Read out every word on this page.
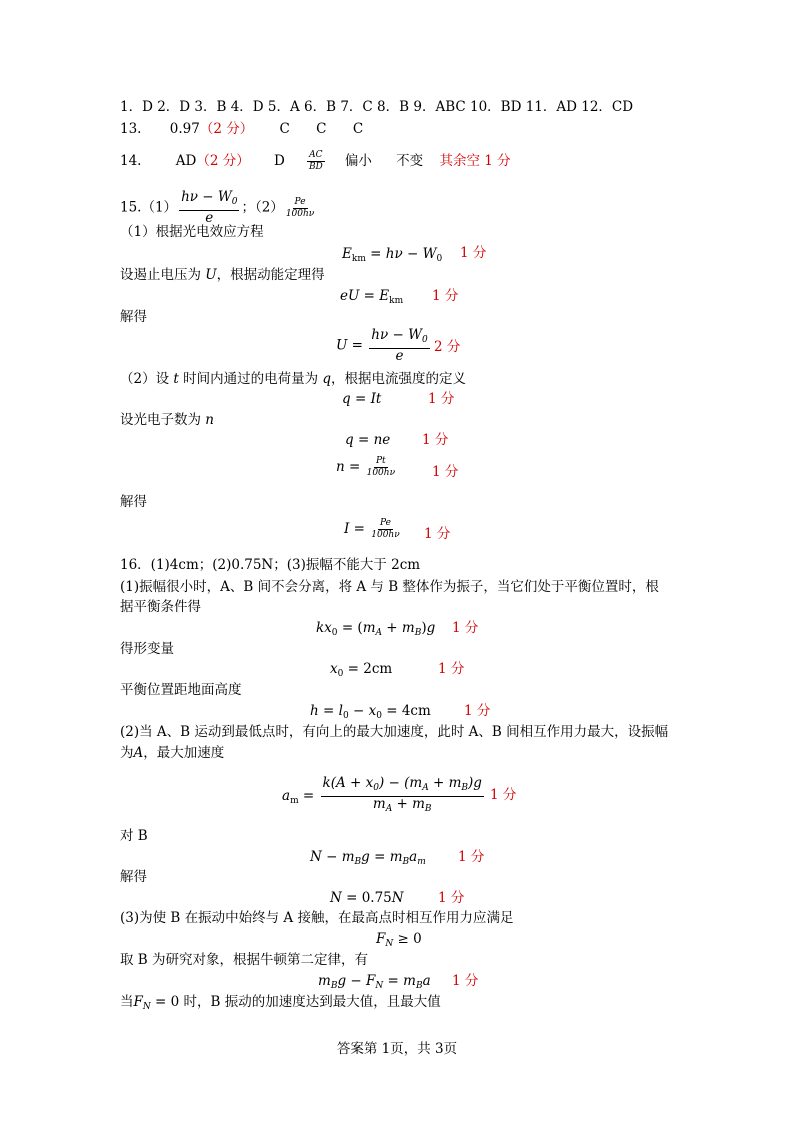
1．D 2．D 3．B 4．D 5．A 6．B 7．C 8．B 9．ABC 10．BD 11．AD 12．CD
13. 0.97（2 分） C C C
14.	AD（2 分） D $\frac{AC}{BD}$ 偏小 不变 其余空 1 分
$15.(1) \frac{h\nu - W_0}{e}$ ；$(2) \frac{Pe}{100h\nu}$
（1）根据光电效应方程
$E_{km} = h\nu - W_0$ 1 分
设遏止电压为 U，根据动能定理得
eU = $E_{km}$ 1 分
解得
$U = \frac{h\nu - W_0}{e} 2$ 分
（2）设 t 时间内通过的电荷量为 q，根据电流强度的定义
q = It	1 分
设光电子数为 n
q = ne 1 分
$n = \frac{Pt}{100h\nu}$	1 分
解得
$I = \frac{Pe}{100h\nu} 1$ 分
16．(1)4cm；(2)0.75N；(3)振幅不能大于 2cm
(1)振幅很小时，A、B 间不会分离，将 A 与 B 整体作为振子，当它们处于平衡位置时，根
据平衡条件得
$kx_0 = (m_A + m_B)g$ 1 分
得形变量
$x_0 = 2cm$	1 分
平衡位置距地面高度
$h = l_0 - x_0 = 4cm$ 1 分
(2)当 A、B 运动到最低点时，有向上的最大加速度，此时 A、B 间相互作用力最大，设振幅
为A，最大加速度
$a_m = \frac{k(A + x_0) - (m_A + m_B)g}{m_A + m_B} 1$ 分
对 B
$N - m_Bg = m_Ba_m$ 1 分
解得
N = 0.75N	1 分
(3)为使 B 在振动中始终与 A 接触，在最高点时相互作用力应满足
$F_N \ge 0$
取 B 为研究对象，根据牛顿第二定律，有
$m_Bg - F_N = m_Ba$ 1 分
当$F_N = 0$ 时，B 振动的加速度达到最大值，且最大值
答案第 1页，共 3页
